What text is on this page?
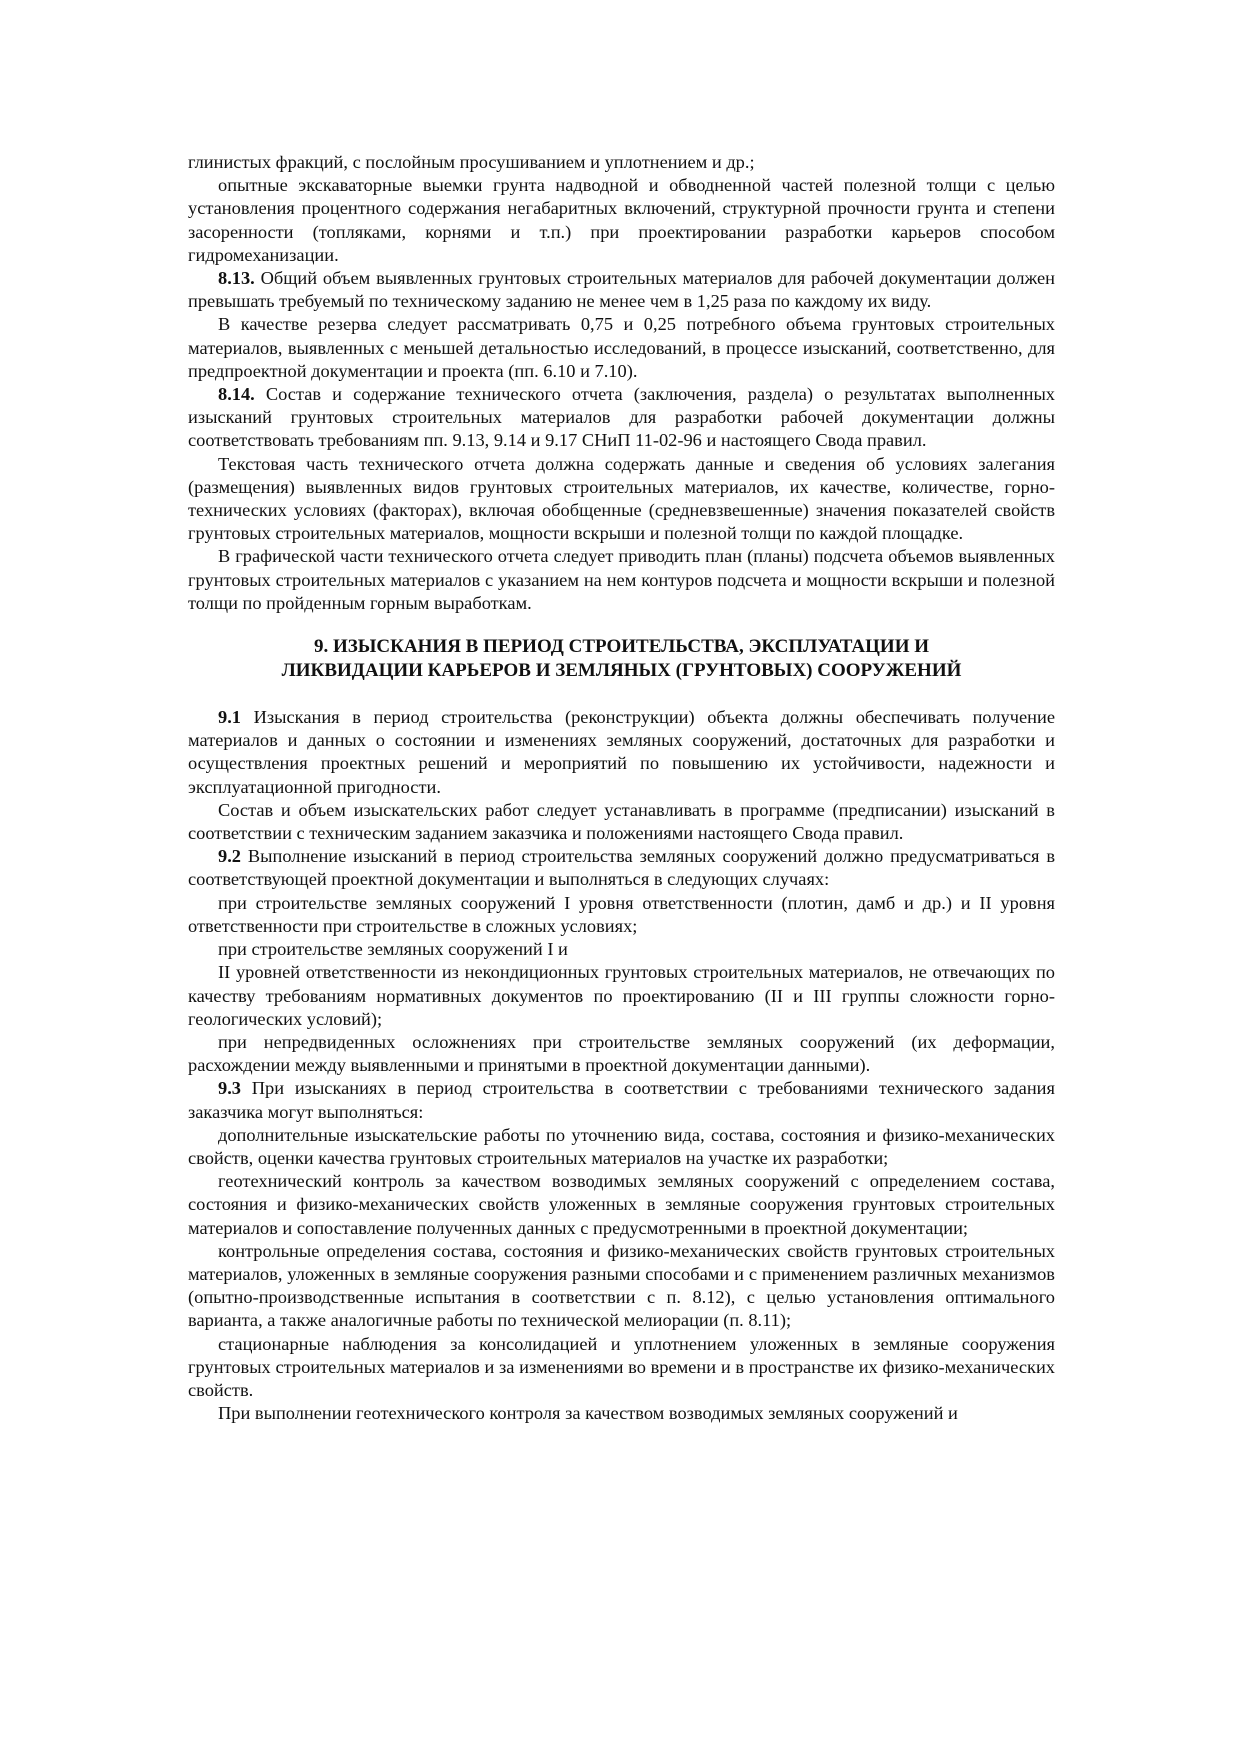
глинистых фракций, с послойным просушиванием и уплотнением и др.;

опытные экскаваторные выемки грунта надводной и обводненной частей полезной толщи с целью установления процентного содержания негабаритных включений, структурной прочности грунта и степени засоренности (топляками, корнями и т.п.) при проектировании разработки карьеров способом гидромеханизации.

8.13. Общий объем выявленных грунтовых строительных материалов для рабочей документации должен превышать требуемый по техническому заданию не менее чем в 1,25 раза по каждому их виду.

В качестве резерва следует рассматривать 0,75 и 0,25 потребного объема грунтовых строительных материалов, выявленных с меньшей детальностью исследований, в процессе изысканий, соответственно, для предпроектной документации и проекта (пп. 6.10 и 7.10).

8.14. Состав и содержание технического отчета (заключения, раздела) о результатах выполненных изысканий грунтовых строительных материалов для разработки рабочей документации должны соответствовать требованиям пп. 9.13, 9.14 и 9.17 СНиП 11-02-96 и настоящего Свода правил.

Текстовая часть технического отчета должна содержать данные и сведения об условиях залегания (размещения) выявленных видов грунтовых строительных материалов, их качестве, количестве, горно-технических условиях (факторах), включая обобщенные (средневзвешенные) значения показателей свойств грунтовых строительных материалов, мощности вскрыши и полезной толщи по каждой площадке.

В графической части технического отчета следует приводить план (планы) подсчета объемов выявленных грунтовых строительных материалов с указанием на нем контуров подсчета и мощности вскрыши и полезной толщи по пройденным горным выработкам.

9. ИЗЫСКАНИЯ В ПЕРИОД СТРОИТЕЛЬСТВА, ЭКСПЛУАТАЦИИ И
ЛИКВИДАЦИИ КАРЬЕРОВ И ЗЕМЛЯНЫХ (ГРУНТОВЫХ) СООРУЖЕНИЙ

9.1 Изыскания в период строительства (реконструкции) объекта должны обеспечивать получение материалов и данных о состоянии и изменениях земляных сооружений, достаточных для разработки и осуществления проектных решений и мероприятий по повышению их устойчивости, надежности и эксплуатационной пригодности.

Состав и объем изыскательских работ следует устанавливать в программе (предписании) изысканий в соответствии с техническим заданием заказчика и положениями настоящего Свода правил.

9.2 Выполнение изысканий в период строительства земляных сооружений должно предусматриваться в соответствующей проектной документации и выполняться в следующих случаях:

при строительстве земляных сооружений I уровня ответственности (плотин, дамб и др.) и II уровня ответственности при строительстве в сложных условиях;

при строительстве земляных сооружений I и

II уровней ответственности из некондиционных грунтовых строительных материалов, не отвечающих по качеству требованиям нормативных документов по проектированию (II и III группы сложности горно-геологических условий);

при непредвиденных осложнениях при строительстве земляных сооружений (их деформации, расхождении между выявленными и принятыми в проектной документации данными).

9.3 При изысканиях в период строительства в соответствии с требованиями технического задания заказчика могут выполняться:

дополнительные изыскательские работы по уточнению вида, состава, состояния и физико-механических свойств, оценки качества грунтовых строительных материалов на участке их разработки;

геотехнический контроль за качеством возводимых земляных сооружений с определением состава, состояния и физико-механических свойств уложенных в земляные сооружения грунтовых строительных материалов и сопоставление полученных данных с предусмотренными в проектной документации;

контрольные определения состава, состояния и физико-механических свойств грунтовых строительных материалов, уложенных в земляные сооружения разными способами и с применением различных механизмов (опытно-производственные испытания в соответствии с п. 8.12), с целью установления оптимального варианта, а также аналогичные работы по технической мелиорации (п. 8.11);

стационарные наблюдения за консолидацией и уплотнением уложенных в земляные сооружения грунтовых строительных материалов и за изменениями во времени и в пространстве их физико-механических свойств.

При выполнении геотехнического контроля за качеством возводимых земляных сооружений и
